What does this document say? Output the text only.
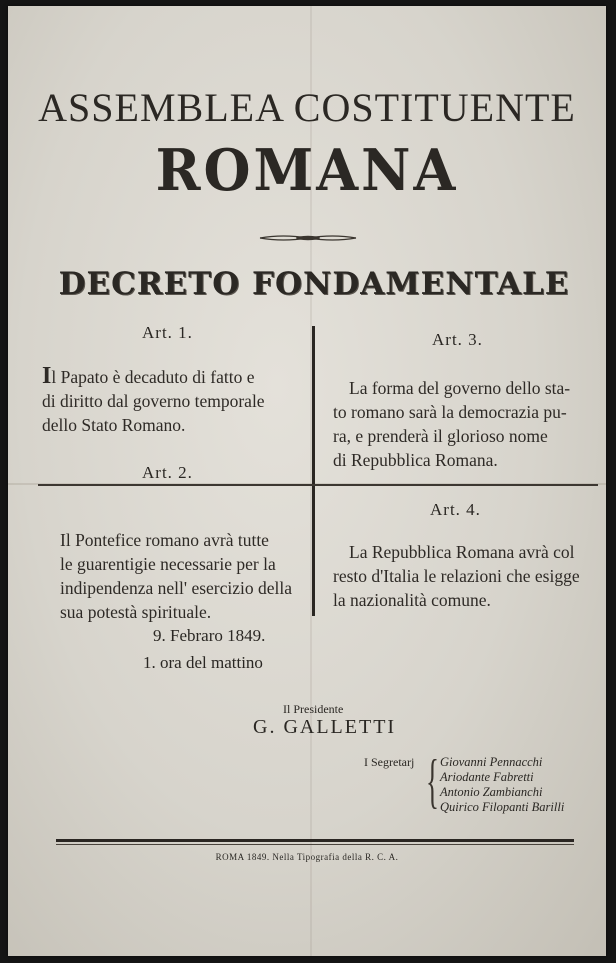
ASSEMBLEA COSTITUENTE
ROMANA
DECRETO FONDAMENTALE
Art. 1.
Il Papato è decaduto di fatto e
di diritto dal governo temporale
dello Stato Romano.
Art. 2.
Il Pontefice romano avrà tutte
le guarentigie necessarie per la
indipendenza nell' esercizio della
sua potestà spirituale.
Art. 3.
La forma del governo dello sta-
to romano sarà la democrazia pu-
ra, e prenderà il glorioso nome
di Repubblica Romana.
Art. 4.
La Repubblica Romana avrà col
resto d'Italia le relazioni che esigge
la nazionalità comune.
9. Febraro 1849.
1. ora del mattino
Il Presidente
G. GALLETTI
I Segretarj { Giovanni Pennacchi
Ariodante Fabretti
Antonio Zambianchi
Quirico Filopanti Barilli
ROMA 1849. Nella Tipografia della R. C. A.
